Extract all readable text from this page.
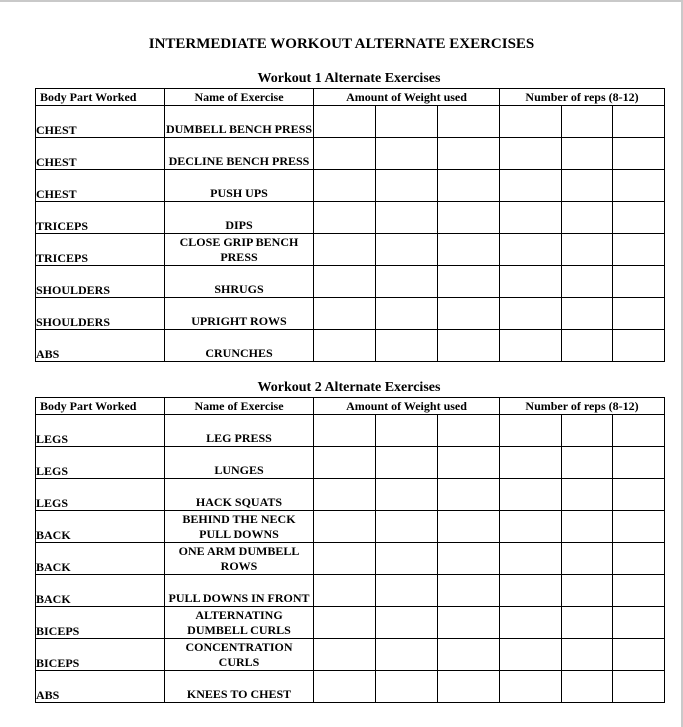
INTERMEDIATE WORKOUT ALTERNATE EXERCISES
Workout 1 Alternate Exercises
Body Part Worked	Name of Exercise	Amount of Weight used			Number of reps (8-12)		
CHEST	DUMBELL BENCH PRESS						
CHEST	DECLINE BENCH PRESS						
CHEST	PUSH UPS						
TRICEPS	DIPS						
TRICEPS	CLOSE GRIP BENCH PRESS						
SHOULDERS	SHRUGS						
SHOULDERS	UPRIGHT ROWS						
ABS	CRUNCHES						
Workout 2 Alternate Exercises
Body Part Worked	Name of Exercise	Amount of Weight used			Number of reps (8-12)		
LEGS	LEG PRESS						
LEGS	LUNGES						
LEGS	HACK SQUATS						
BACK	BEHIND THE NECK PULL DOWNS						
BACK	ONE ARM DUMBELL ROWS						
BACK	PULL DOWNS IN FRONT						
BICEPS	ALTERNATING DUMBELL CURLS						
BICEPS	CONCENTRATION CURLS						
ABS	KNEES TO CHEST						
